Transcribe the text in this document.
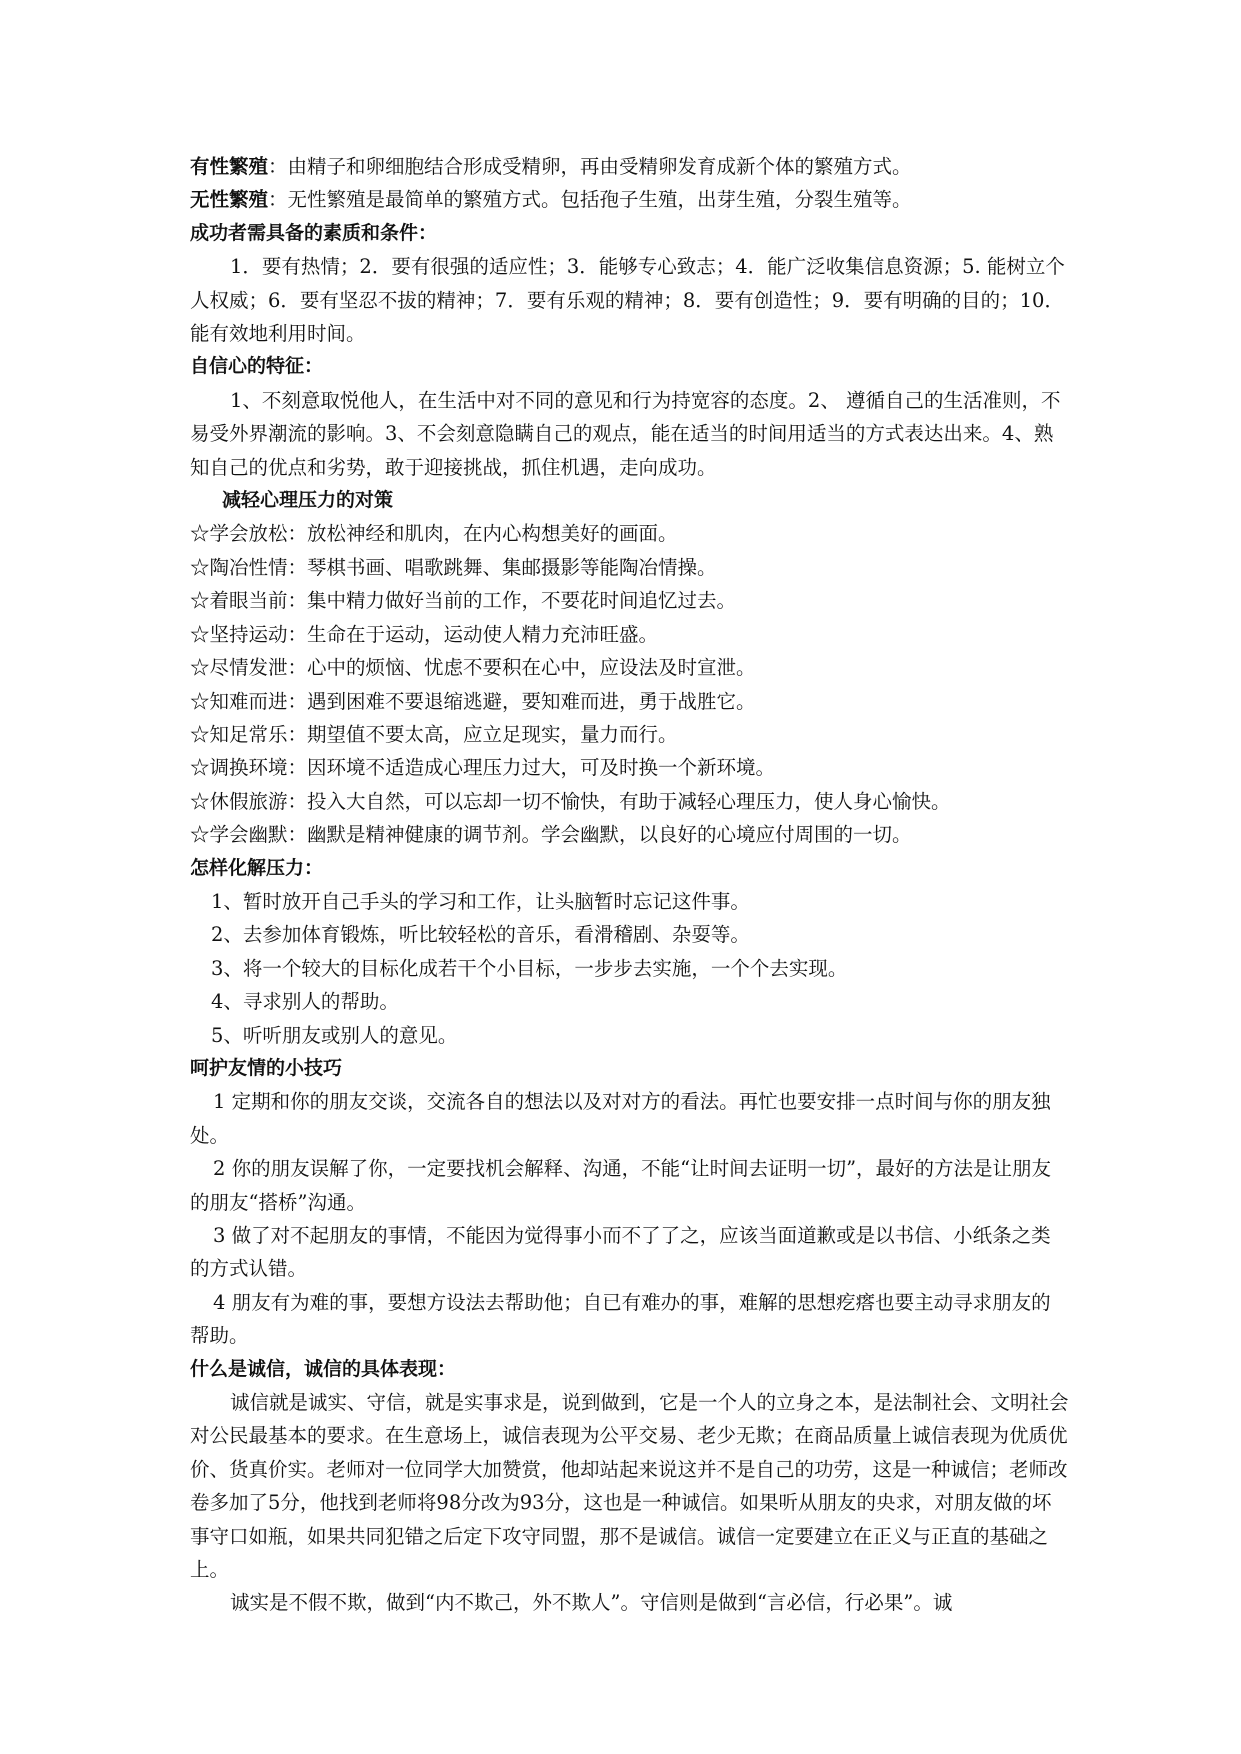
有性繁殖：由精子和卵细胞结合形成受精卵，再由受精卵发育成新个体的繁殖方式。

无性繁殖：无性繁殖是最简单的繁殖方式。包括孢子生殖，出芽生殖，分裂生殖等。

成功者需具备的素质和条件：

1．要有热情；2．要有很强的适应性；3．能够专心致志；4．能广泛收集信息资源；5. 能树立个人权威；6．要有坚忍不拔的精神；7．要有乐观的精神；8．要有创造性；9．要有明确的目的；10．能有效地利用时间。

自信心的特征：

1、不刻意取悦他人，在生活中对不同的意见和行为持宽容的态度。2、 遵循自己的生活准则，不易受外界潮流的影响。3、不会刻意隐瞒自己的观点，能在适当的时间用适当的方式表达出来。4、熟知自己的优点和劣势，敢于迎接挑战，抓住机遇，走向成功。

减轻心理压力的对策

☆学会放松：放松神经和肌肉，在内心构想美好的画面。
☆陶冶性情：琴棋书画、唱歌跳舞、集邮摄影等能陶冶情操。
☆着眼当前：集中精力做好当前的工作，不要花时间追忆过去。
☆坚持运动：生命在于运动，运动使人精力充沛旺盛。
☆尽情发泄：心中的烦恼、忧虑不要积在心中，应设法及时宣泄。
☆知难而进：遇到困难不要退缩逃避，要知难而进，勇于战胜它。
☆知足常乐：期望值不要太高，应立足现实，量力而行。
☆调换环境：因环境不适造成心理压力过大，可及时换一个新环境。
☆休假旅游：投入大自然，可以忘却一切不愉快，有助于减轻心理压力，使人身心愉快。
☆学会幽默：幽默是精神健康的调节剂。学会幽默，以良好的心境应付周围的一切。

怎样化解压力：

1、暂时放开自己手头的学习和工作，让头脑暂时忘记这件事。

2、去参加体育锻炼，听比较轻松的音乐，看滑稽剧、杂耍等。

3、将一个较大的目标化成若干个小目标，一步步去实施，一个个去实现。

4、寻求别人的帮助。

5、听听朋友或别人的意见。

呵护友情的小技巧

1 定期和你的朋友交谈，交流各自的想法以及对对方的看法。再忙也要安排一点时间与你的朋友独处。

2 你的朋友误解了你，一定要找机会解释、沟通，不能“让时间去证明一切”，最好的方法是让朋友的朋友“搭桥”沟通。

3 做了对不起朋友的事情，不能因为觉得事小而不了了之，应该当面道歉或是以书信、小纸条之类的方式认错。

4 朋友有为难的事，要想方设法去帮助他；自已有难办的事，难解的思想疙瘩也要主动寻求朋友的帮助。

什么是诚信，诚信的具体表现：

诚信就是诚实、守信，就是实事求是，说到做到，它是一个人的立身之本，是法制社会、文明社会对公民最基本的要求。在生意场上，诚信表现为公平交易、老少无欺；在商品质量上诚信表现为优质优价、货真价实。老师对一位同学大加赞赏，他却站起来说这并不是自己的功劳，这是一种诚信；老师改卷多加了5分，他找到老师将98分改为93分，这也是一种诚信。如果听从朋友的央求，对朋友做的坏事守口如瓶，如果共同犯错之后定下攻守同盟，那不是诚信。诚信一定要建立在正义与正直的基础之上。

诚实是不假不欺，做到“内不欺己，外不欺人”。守信则是做到“言必信，行必果”。诚
